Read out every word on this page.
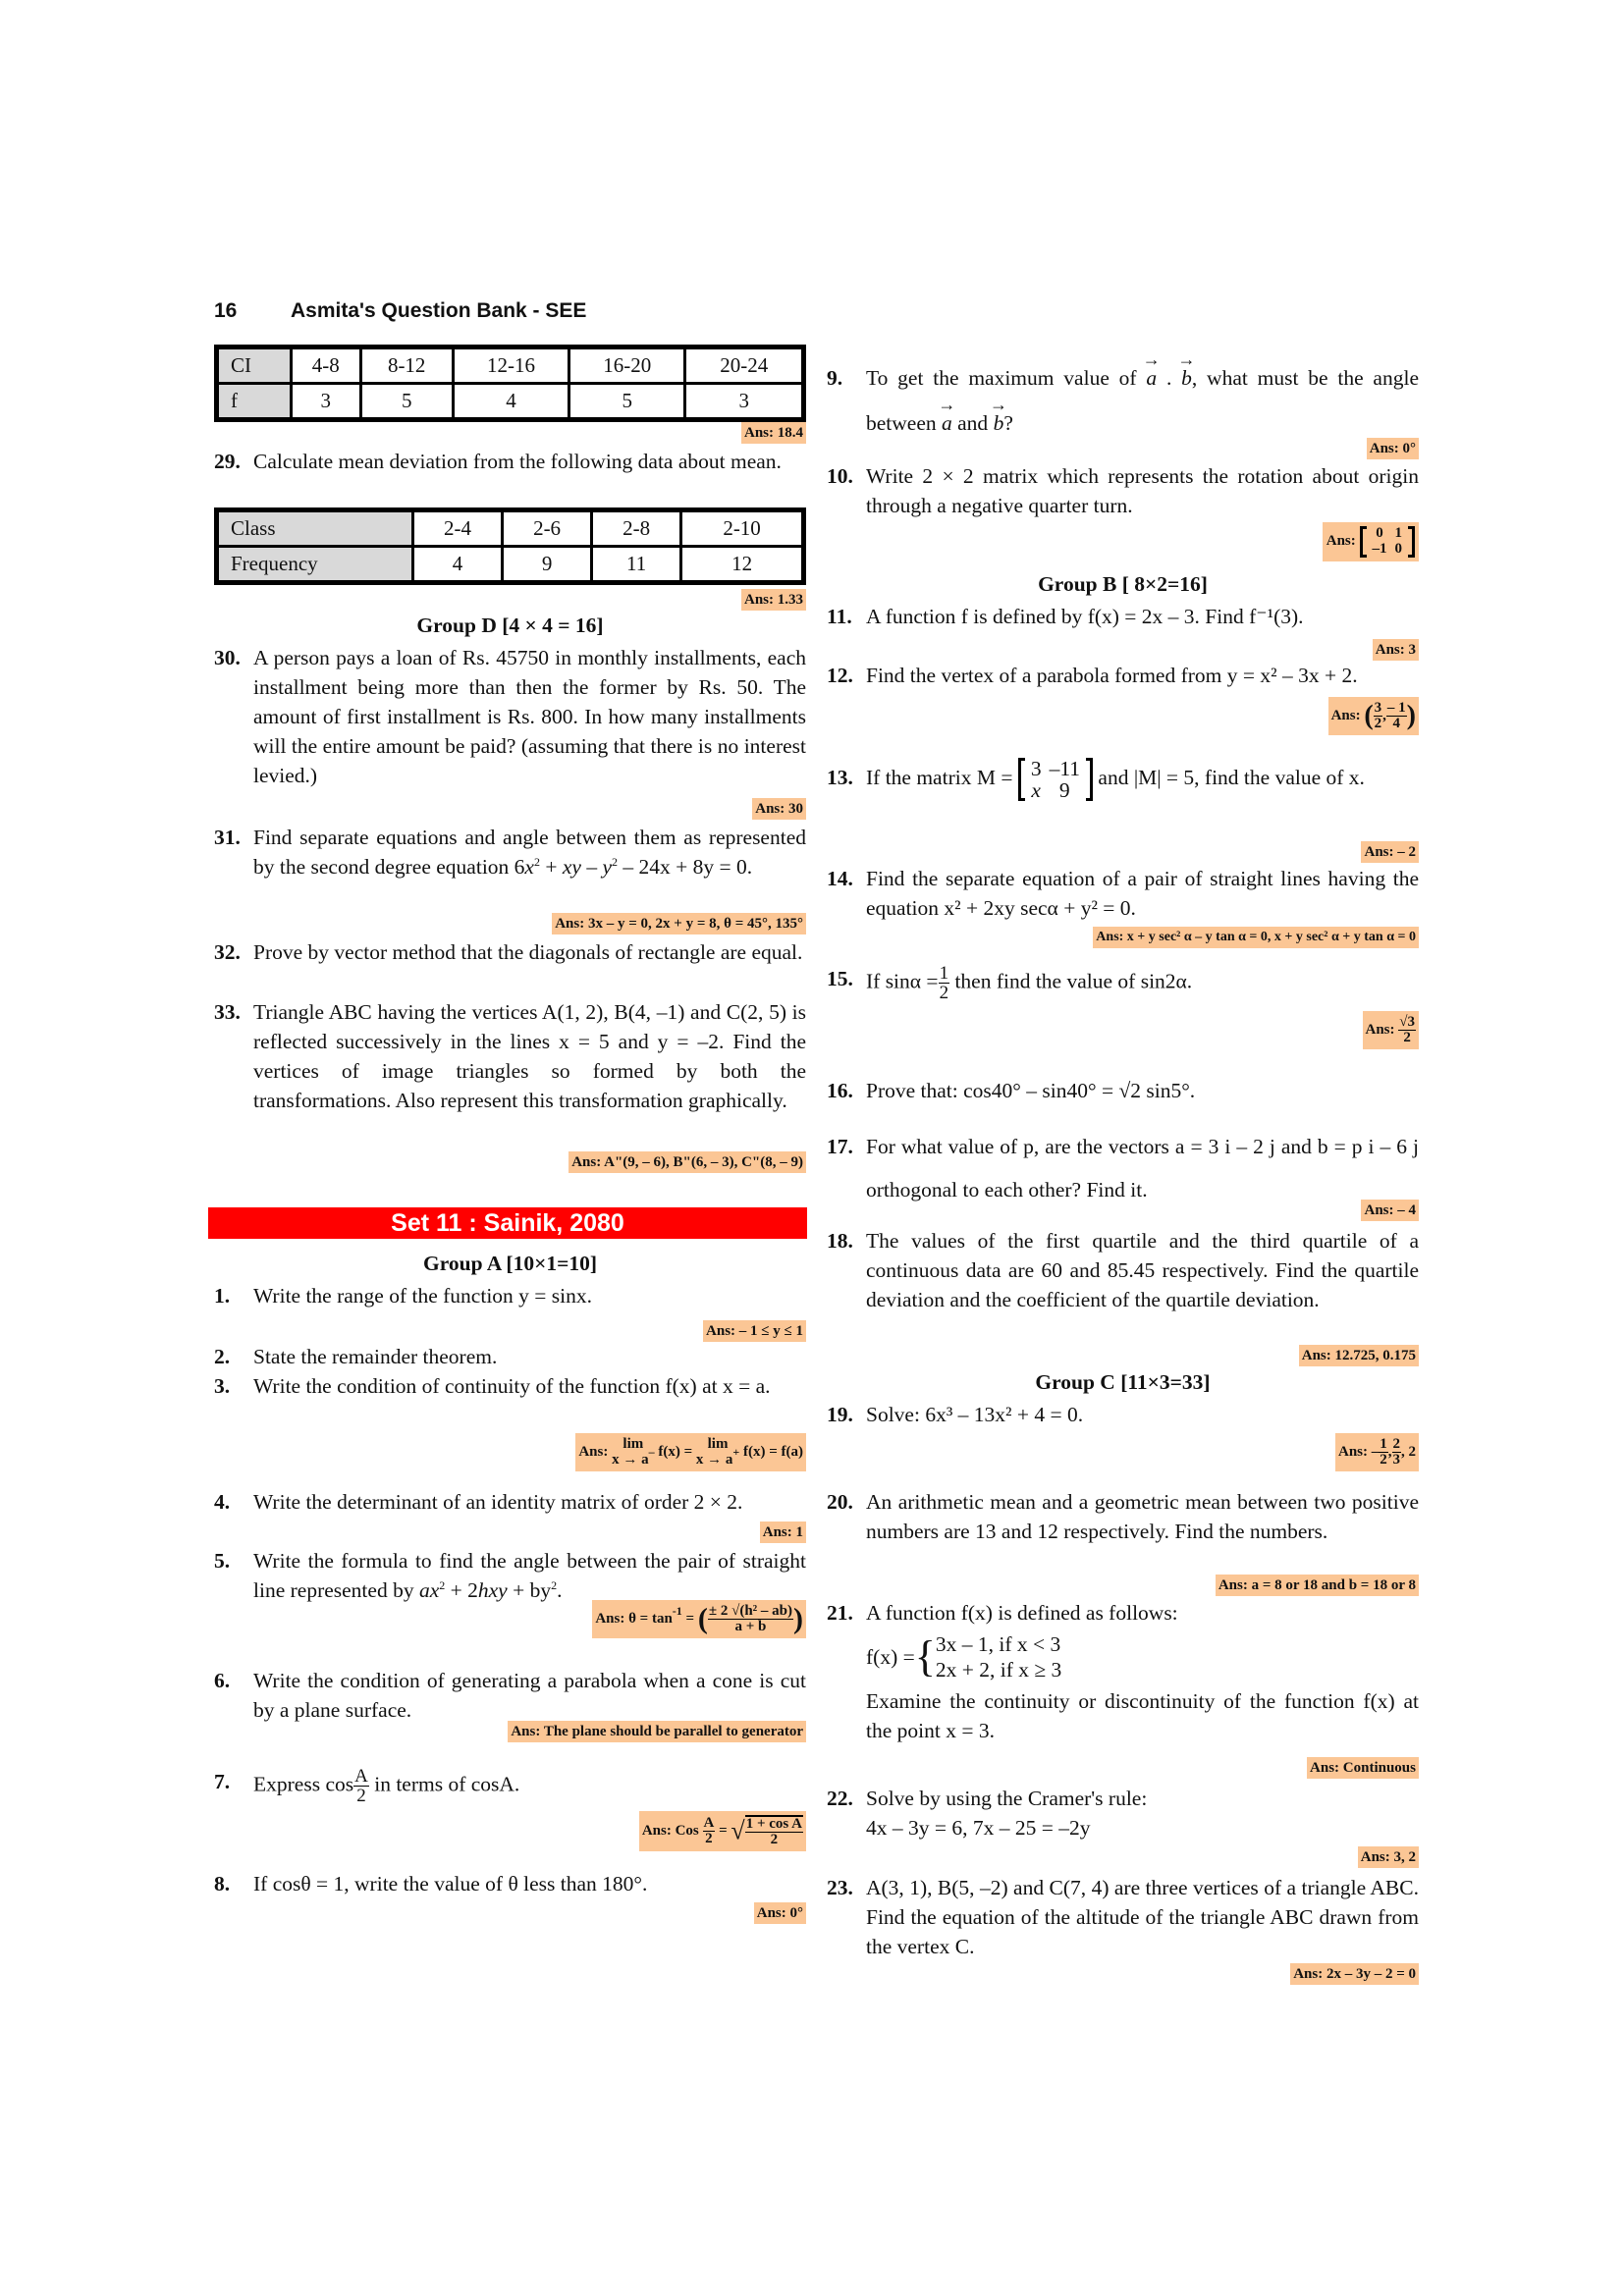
16	Asmita's Question Bank - SEE
CI	4-8	8-12	12-16	16-20	20-24
f	3	5	4	5	3
Ans: 18.4
29. Calculate mean deviation from the following data about mean.
Class	2-4	2-6	2-8	2-10
Frequency	4	9	11	12
Ans: 1.33
Group D [4 × 4 = 16]
30. A person pays a loan of Rs. 45750 in monthly installments, each installment being more than then the former by Rs. 50. The amount of first installment is Rs. 800. In how many installments will the entire amount be paid? (assuming that there is no interest levied.)
Ans: 30
31. Find separate equations and angle between them as represented by the second degree equation $6x^2$ + xy – $y^2 - 24x + 8y = 0$.
Ans: 3x – y = 0, 2x + y = 8, θ = 45°, 135°
32. Prove by vector method that the diagonals of rectangle are equal.
33. Triangle ABC having the vertices A(1, 2), B(4, –1) and C(2, 5) is reflected successively in the lines x = 5 and y = –2. Find the vertices of image triangles so formed by both the transformations. Also represent this transformation graphically.
Ans: A"(9, – 6), B"(6, – 3), C"(8, – 9)
Set 11 : Sainik, 2080
Group A [10×1=10]
1. Write the range of the function y = sinx.
Ans: – 1 ≤ y ≤ 1
2. State the remainder theorem.
3. Write the condition of continuity of the function f(x) at x = a.
Ans:	lim
x → a– f(x) =	lim
x → a+ f(x) = f(a)
4. Write the determinant of an identity matrix of order 2 × 2.
Ans: 1
5. Write the formula to find the angle between the pair of straight line represented by $ax^2 + 2hxy + by^2$.
Ans: $\theta = \tan^{-1}$ = ( $\frac{\text{± 2 √(h² – ab)}}{a + b}$ )
6. Write the condition of generating a parabola when a cone is cut by a plane surface.
Ans: The plane should be parallel to generator
7. Express $\cos \frac{A}{2}$ in terms of cosA.
Ans: Cos $\frac{A}{2}$ = √ $\frac{\text{1 + cos A}}{2}$
8. If cosθ = 1, write the value of θ less than 180°.
Ans: 0°
9. To get the maximum value of → a . → b, what must be the angle between → a and → b?
Ans: 0°
10. Write 2 × 2 matrix which represents the rotation about origin through a negative quarter turn.
Ans:
0	1
–1	0
Group B [ 8×2=16]
11. A function f is defined by f(x) = 2x – 3. Find f⁻¹(3).
Ans: 3
12. Find the vertex of a parabola formed from y = x² – 3x + 2.
Ans: ( $\frac{3}{2}$ , $\frac{- 1}{4}$ )
13. If the matrix M = 3	–11
x	9
and |M| = 5, find the value of x.
Ans: – 2
14. Find the separate equation of a pair of straight lines having the equation x² + 2xy secα + y² = 0.
Ans: x + y sec² α – y tan α = 0, x + y sec² α + y tan α = 0
15. If $\sin\alpha = \frac{1}{2}$ then find the value of sin2α.
Ans: $\frac{√3}{2}$
16. Prove that: cos40° – sin40° = √2 sin5°.
17. For what value of p, are the vectors a = 3 i – 2 j and b = p i – 6 j orthogonal to each other? Find it.
Ans: – 4
18. The values of the first quartile and the third quartile of a continuous data are 60 and 85.45 respectively. Find the quartile deviation and the coefficient of the quartile deviation.
Ans: 12.725, 0.175
Group C [11×3=33]
19. Solve: 6x³ – 13x² + 4 = 0.
Ans: – $\frac{1}{2}$ , $\frac{2}{3}$ , 2
20. An arithmetic mean and a geometric mean between two positive numbers are 13 and 12 respectively. Find the numbers.
Ans: a = 8 or 18 and b = 18 or 8
21. A function f(x) is defined as follows:
f(x) = { 3x – 1, if x < 3
2x + 2, if x ≥ 3
Examine the continuity or discontinuity of the function f(x) at the point x = 3.
Ans: Continuous
22. Solve by using the Cramer's rule:
4x – 3y = 6, 7x – 25 = –2y
Ans: 3, 2
23. A(3, 1), B(5, –2) and C(7, 4) are three vertices of a triangle ABC. Find the equation of the altitude of the triangle ABC drawn from the vertex C.
Ans: 2x – 3y – 2 = 0
